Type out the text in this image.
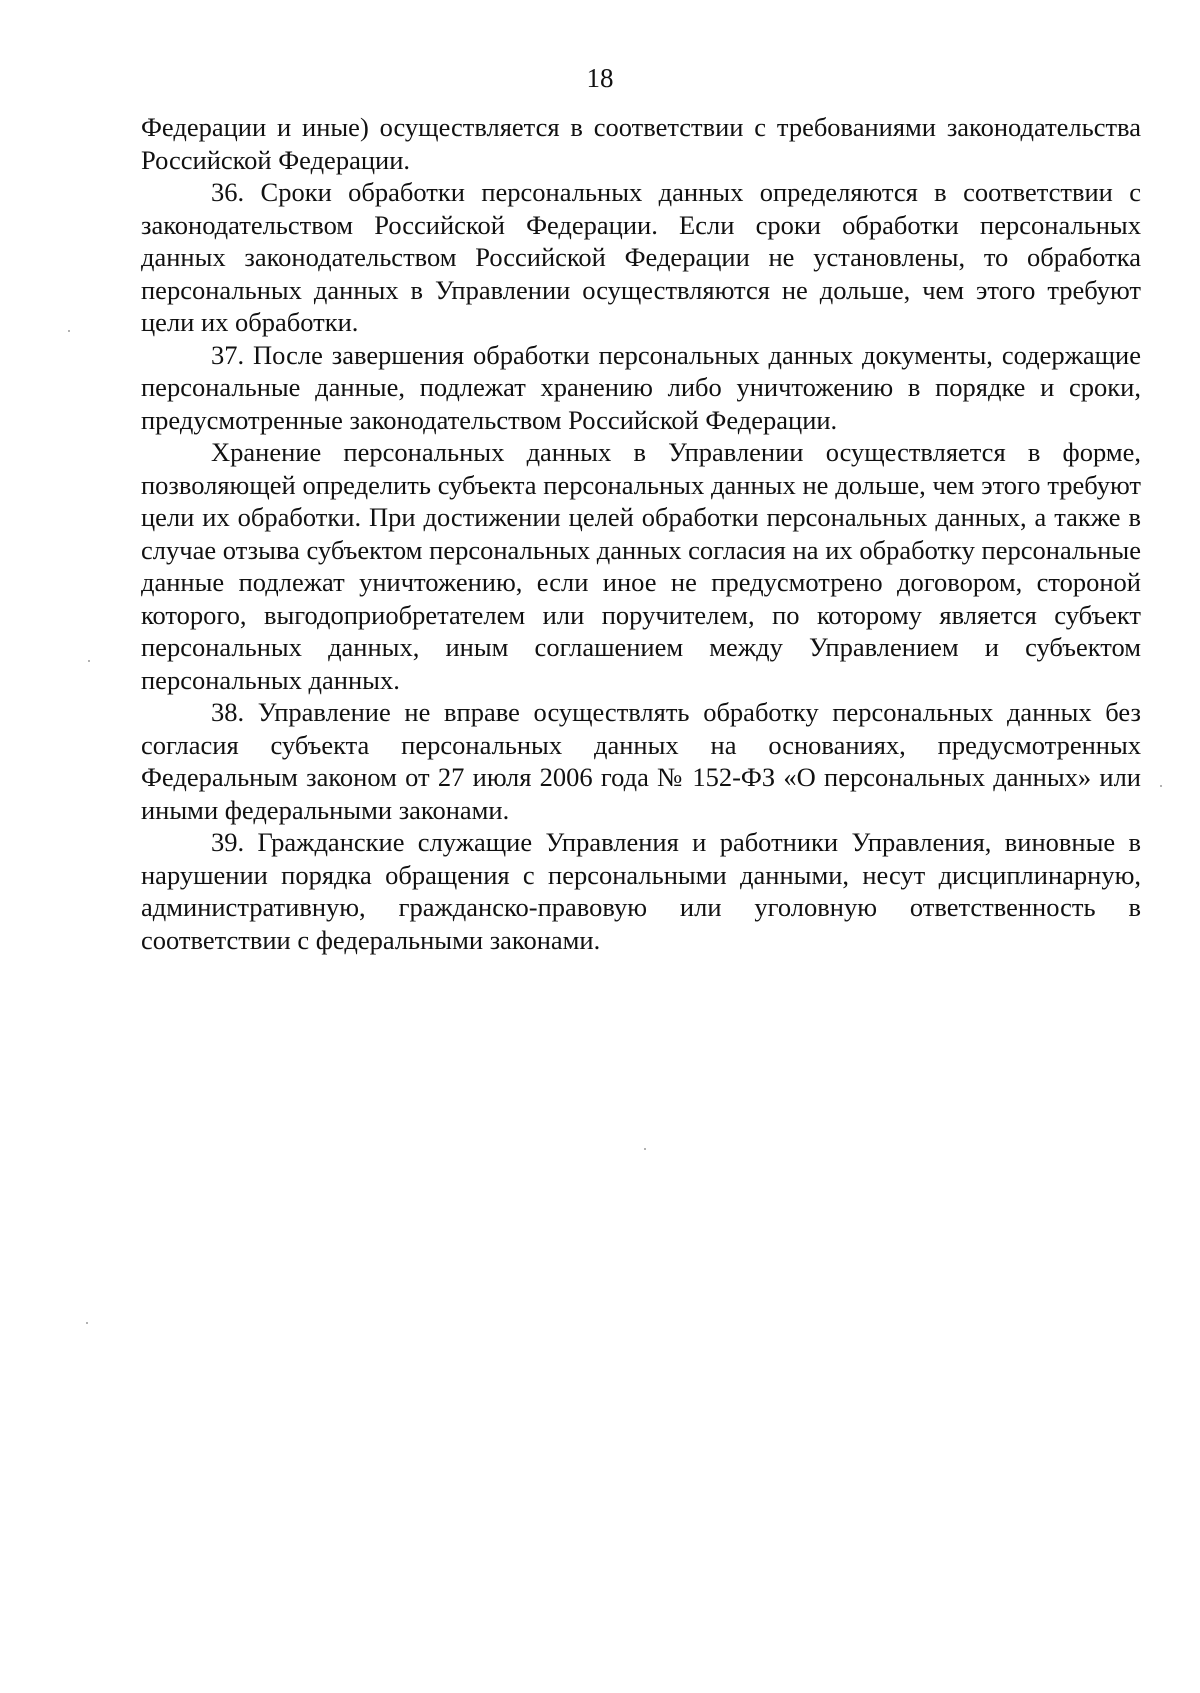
18

Федерации и иные) осуществляется в соответствии с требованиями законодательства Российской Федерации.

36. Сроки обработки персональных данных определяются в соответствии с законодательством Российской Федерации. Если сроки обработки персональных данных законодательством Российской Федерации не установлены, то обработка персональных данных в Управлении осуществляются не дольше, чем этого требуют цели их обработки.

37. После завершения обработки персональных данных документы, содержащие персональные данные, подлежат хранению либо уничтожению в порядке и сроки, предусмотренные законодательством Российской Федерации.

Хранение персональных данных в Управлении осуществляется в форме, позволяющей определить субъекта персональных данных не дольше, чем этого требуют цели их обработки. При достижении целей обработки персональных данных, а также в случае отзыва субъектом персональных данных согласия на их обработку персональные данные подлежат уничтожению, если иное не предусмотрено договором, стороной которого, выгодоприобретателем или поручителем, по которому является субъект персональных данных, иным соглашением между Управлением и субъектом персональных данных.

38. Управление не вправе осуществлять обработку персональных данных без согласия субъекта персональных данных на основаниях, предусмотренных Федеральным законом от 27 июля 2006 года № 152-ФЗ «О персональных данных» или иными федеральными законами.

39. Гражданские служащие Управления и работники Управления, виновные в нарушении порядка обращения с персональными данными, несут дисциплинарную, административную, гражданско-правовую или уголовную ответственность в соответствии с федеральными законами.
